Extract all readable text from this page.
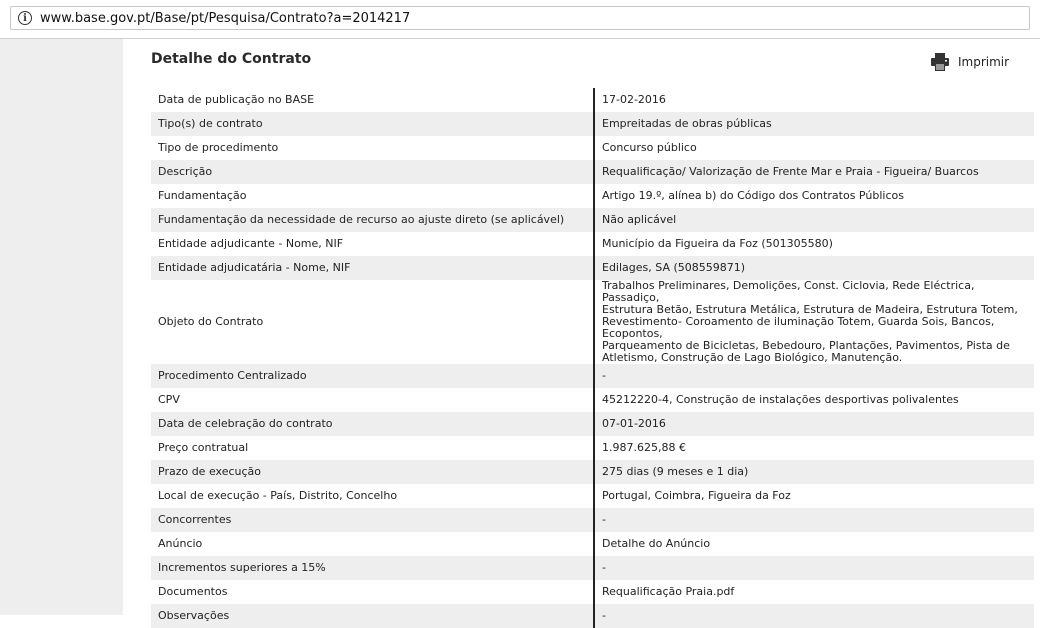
i	www.base.gov.pt/Base/pt/Pesquisa/Contrato?a=2014217
Detalhe do Contrato	Imprimir
Data de publicação no BASE	17-02-2016
Tipo(s) de contrato	Empreitadas de obras públicas
Tipo de procedimento	Concurso público
Descrição	Requalificação/ Valorização de Frente Mar e Praia - Figueira/ Buarcos
Fundamentação	Artigo 19.º, alínea b) do Código dos Contratos Públicos
Fundamentação da necessidade de recurso ao ajuste direto (se aplicável)	Não aplicável
Entidade adjudicante - Nome, NIF	Município da Figueira da Foz (501305580)
Entidade adjudicatária - Nome, NIF	Edilages, SA (508559871)
Objeto do Contrato	Trabalhos Preliminares, Demolições, Const. Ciclovia, Rede Eléctrica, Passadiço,
Estrutura Betão, Estrutura Metálica, Estrutura de Madeira, Estrutura Totem,
Revestimento- Coroamento de iluminação Totem, Guarda Sois, Bancos, Ecopontos,
Parqueamento de Bicicletas, Bebedouro, Plantações, Pavimentos, Pista de
Atletismo, Construção de Lago Biológico, Manutenção.

Procedimento Centralizado	-
CPV	45212220-4, Construção de instalações desportivas polivalentes
Data de celebração do contrato	07-01-2016
Preço contratual	1.987.625,88 €
Prazo de execução	275 dias (9 meses e 1 dia)
Local de execução - País, Distrito, Concelho	Portugal, Coimbra, Figueira da Foz
Concorrentes	-
Anúncio	Detalhe do Anúncio
Incrementos superiores a 15%	-
Documentos	Requalificação Praia.pdf
Observações	-
